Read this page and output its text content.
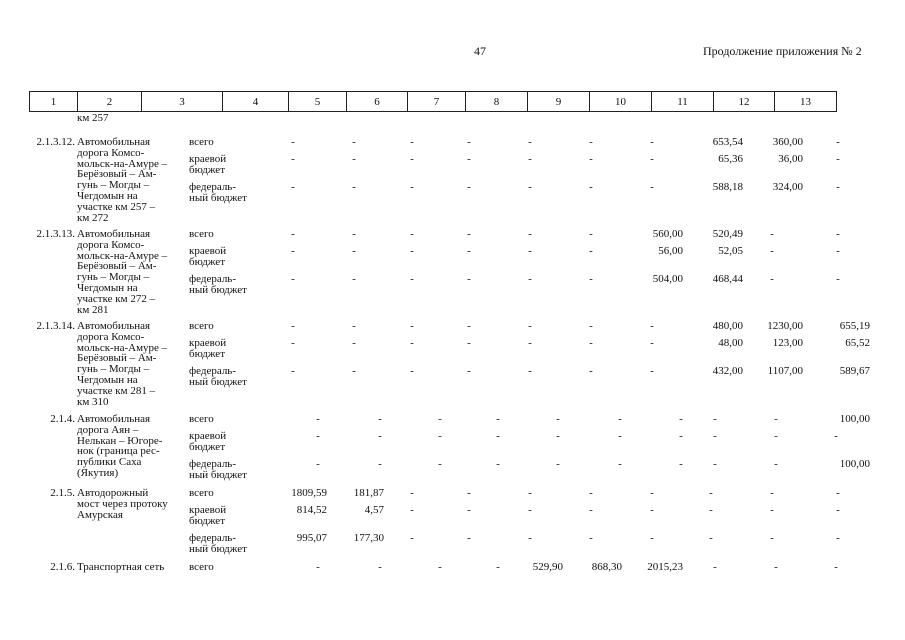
47	Продолжение приложения № 2
1	2	3	4	5	6	7	8	9	10	11	12	13
км 257
2.1.3.12. Автомобильная
дорога Комсо-
мольск-на-Амуре –
Берёзовый – Ам-
гунь – Могды –
Чегдомын на
участке км 257 –
км 272
всего	-	-	-	-	-	-	-	653,54	360,00	-
краевой
бюджет
-	-	-	-	-	-	-	65,36	36,00	-
федераль-
ный бюджет
-	-	-	-	-	-	-	588,18	324,00	-
2.1.3.13. Автомобильная
дорога Комсо-
мольск-на-Амуре –
Берёзовый – Ам-
гунь – Могды –
Чегдомын на
участке км 272 –
км 281
всего	-	-	-	-	-	-	560,00	520,49	-	-
краевой
бюджет
-	-	-	-	-	-	56,00	52,05	-	-
федераль-
ный бюджет
-	-	-	-	-	-	504,00	468,44	-	-
2.1.3.14. Автомобильная
дорога Комсо-
мольск-на-Амуре –
Берёзовый – Ам-
гунь – Могды –
Чегдомын на
участке км 281 –
км 310
всего	-	-	-	-	-	-	-	480,00	1230,00	655,19
краевой
бюджет
-	-	-	-	-	-	-	48,00	123,00	65,52
федераль-
ный бюджет
-	-	-	-	-	-	-	432,00	1107,00	589,67
2.1.4. Автомобильная
дорога Аян –
Нелькан – Югоре-
нок (граница рес-
публики Саха
(Якутия)
всего	-	-	-	-	-	-	-	-	-	100,00
краевой
бюджет
-	-	-	-	-	-	-	-	-	-
федераль-
ный бюджет
-	-	-	-	-	-	-	-	-	100,00
2.1.5. Автодорожный
мост через протоку
Амурская
всего	1809,59	181,87	-	-	-	-	-	-	-	-
краевой
бюджет
814,52	4,57	-	-	-	-	-	-	-	-
федераль-
ный бюджет
995,07	177,30	-	-	-	-	-	-	-	-
2.1.6. Транспортная сеть всего	-	-	-	-	529,90	868,30	2015,23	-	-	-
